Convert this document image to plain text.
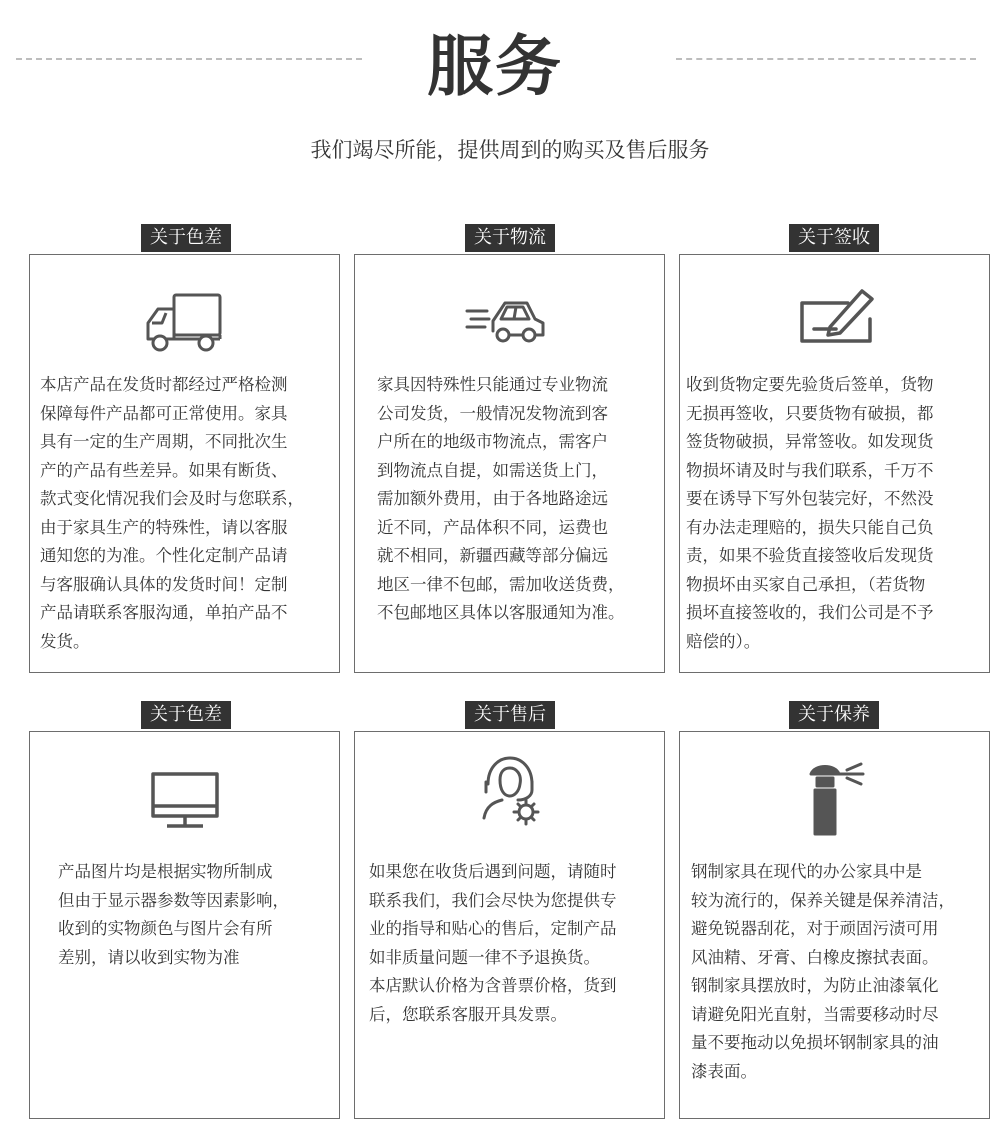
服务
我们竭尽所能，提供周到的购买及售后服务

本店产品在发货时都经过严格检测

保障每件产品都可正常使用。家具

具有一定的生产周期，不同批次生

产的产品有些差异。如果有断货、

款式变化情况我们会及时与您联系，

由于家具生产的特殊性，请以客服

通知您的为准。个性化定制产品请

与客服确认具体的发货时间！定制

产品请联系客服沟通，单拍产品不

发货。

关于色差

家具因特殊性只能通过专业物流

公司发货，一般情况发物流到客

户所在的地级市物流点，需客户

到物流点自提，如需送货上门，

需加额外费用，由于各地路途远

近不同，产品体积不同，运费也

就不相同，新疆西藏等部分偏远

地区一律不包邮，需加收送货费，

不包邮地区具体以客服通知为准。

关于物流

收到货物定要先验货后签单，货物

无损再签收，只要货物有破损，都

签货物破损，异常签收。如发现货

物损坏请及时与我们联系，千万不

要在诱导下写外包装完好，不然没

有办法走理赔的，损失只能自己负

责，如果不验货直接签收后发现货

物损坏由买家自己承担，（若货物

损坏直接签收的，我们公司是不予

赔偿的）。

关于签收

产品图片均是根据实物所制成

但由于显示器参数等因素影响，

收到的实物颜色与图片会有所

差别，请以收到实物为准

关于色差

如果您在收货后遇到问题，请随时

联系我们，我们会尽快为您提供专

业的指导和贴心的售后，定制产品

如非质量问题一律不予退换货。

本店默认价格为含普票价格，货到

后，您联系客服开具发票。

关于售后

钢制家具在现代的办公家具中是

较为流行的，保养关键是保养清洁，

避免锐器刮花，对于顽固污渍可用

风油精、牙膏、白橡皮擦拭表面。

钢制家具摆放时，为防止油漆氧化

请避免阳光直射，当需要移动时尽

量不要拖动以免损坏钢制家具的油

漆表面。

关于保养
